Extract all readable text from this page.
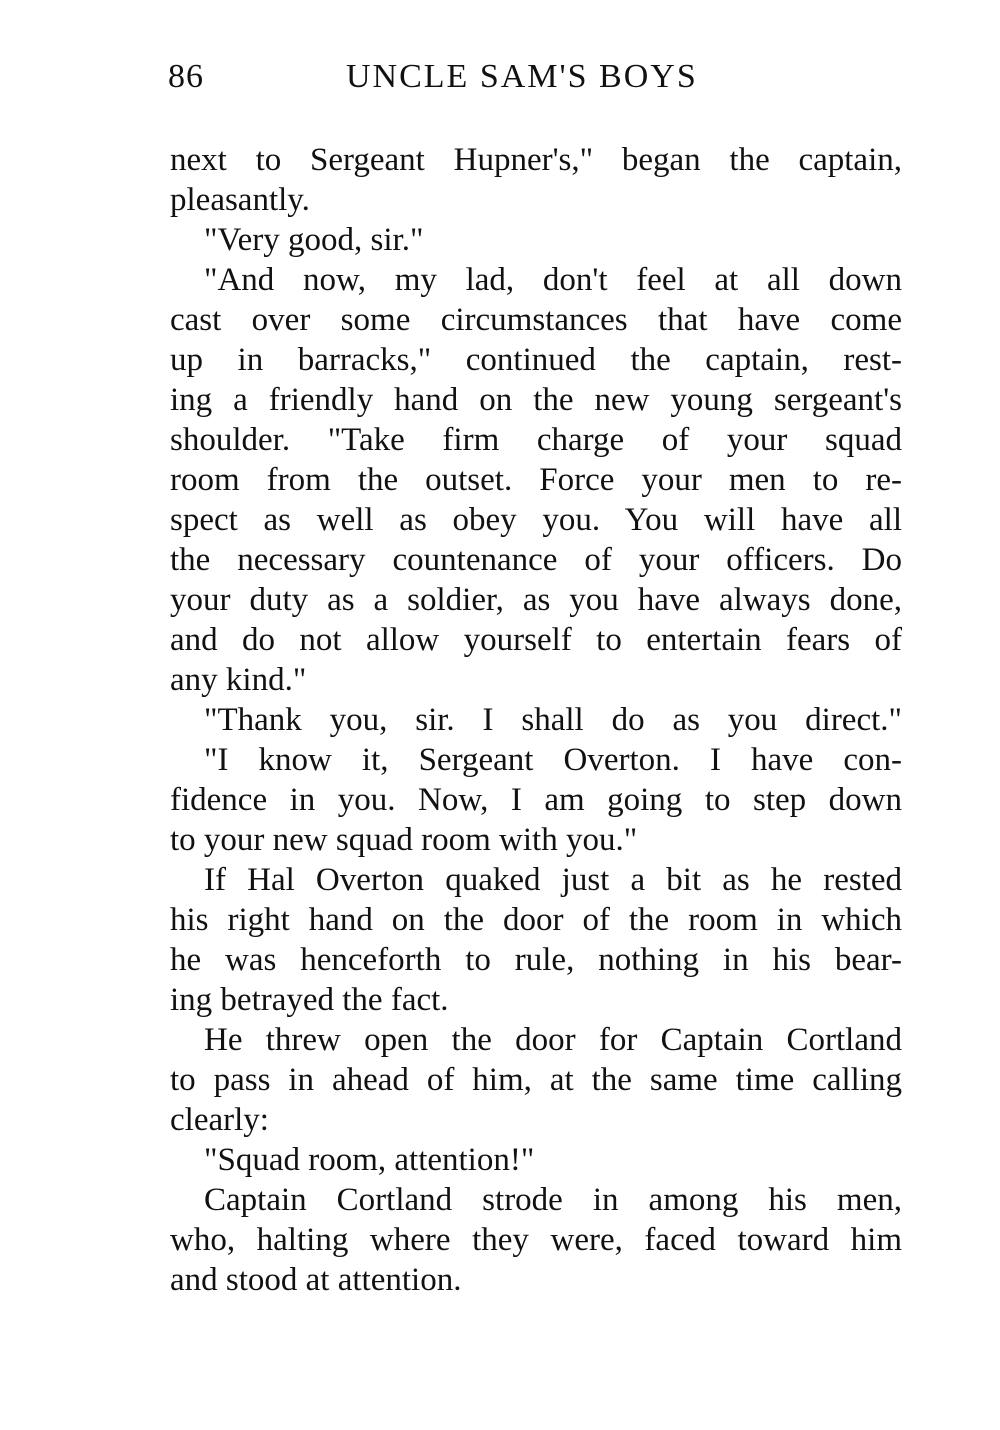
86	UNCLE SAM'S BOYS
next to Sergeant Hupner's," began the captain,
pleasantly.
"Very good, sir."
"And now, my lad, don't feel at all down
cast over some circumstances that have come
up in barracks," continued the captain, rest-
ing a friendly hand on the new young sergeant's
shoulder. "Take firm charge of your squad
room from the outset. Force your men to re-
spect as well as obey you. You will have all
the necessary countenance of your officers. Do
your duty as a soldier, as you have always done,
and do not allow yourself to entertain fears of
any kind."
"Thank you, sir. I shall do as you direct."
"I know it, Sergeant Overton. I have con-
fidence in you. Now, I am going to step down
to your new squad room with you."
If Hal Overton quaked just a bit as he rested
his right hand on the door of the room in which
he was henceforth to rule, nothing in his bear-
ing betrayed the fact.
He threw open the door for Captain Cortland
to pass in ahead of him, at the same time calling
clearly:
"Squad room, attention!"
Captain Cortland strode in among his men,
who, halting where they were, faced toward him
and stood at attention.
